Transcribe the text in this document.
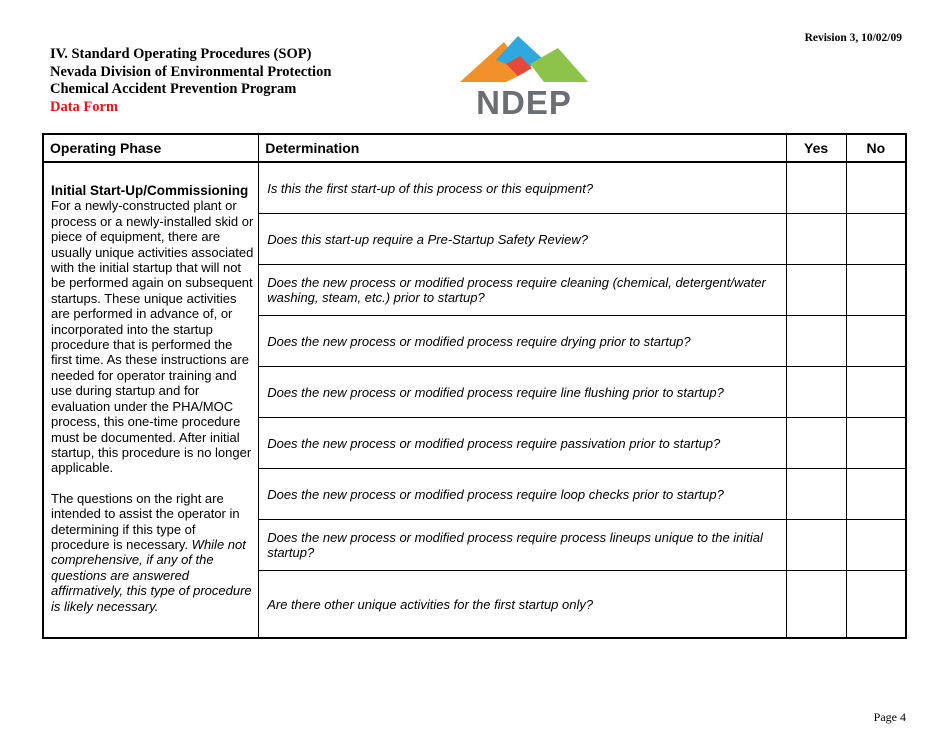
IV. Standard Operating Procedures (SOP)
Nevada Division of Environmental Protection
Chemical Accident Prevention Program
Data Form
Revision 3, 10/02/09
NDEP
Operating Phase	Determination	Yes	No

Initial Start-Up/Commissioning

For a newly-constructed plant or process or a newly-installed skid or piece of equipment, there are usually unique activities associated with the initial startup that will not be performed again on subsequent startups. These unique activities are performed in advance of, or incorporated into the startup procedure that is performed the first time. As these instructions are needed for operator training and use during startup and for evaluation under the PHA/MOC process, this one-time procedure must be documented. After initial startup, this procedure is no longer applicable.

The questions on the right are intended to assist the operator in determining if this type of procedure is necessary. While not comprehensive, if any of the questions are answered affirmatively, this type of procedure is likely necessary.	Is this the first start-up of this process or this equipment?		
	Does this start-up require a Pre-Startup Safety Review?		
	Does the new process or modified process require cleaning (chemical, detergent/water washing, steam, etc.) prior to startup?		
	Does the new process or modified process require drying prior to startup?		
	Does the new process or modified process require line flushing prior to startup?		
	Does the new process or modified process require passivation prior to startup?		
	Does the new process or modified process require loop checks prior to startup?		
	Does the new process or modified process require process lineups unique to the initial startup?		
	Are there other unique activities for the first startup only?		
Page 4
